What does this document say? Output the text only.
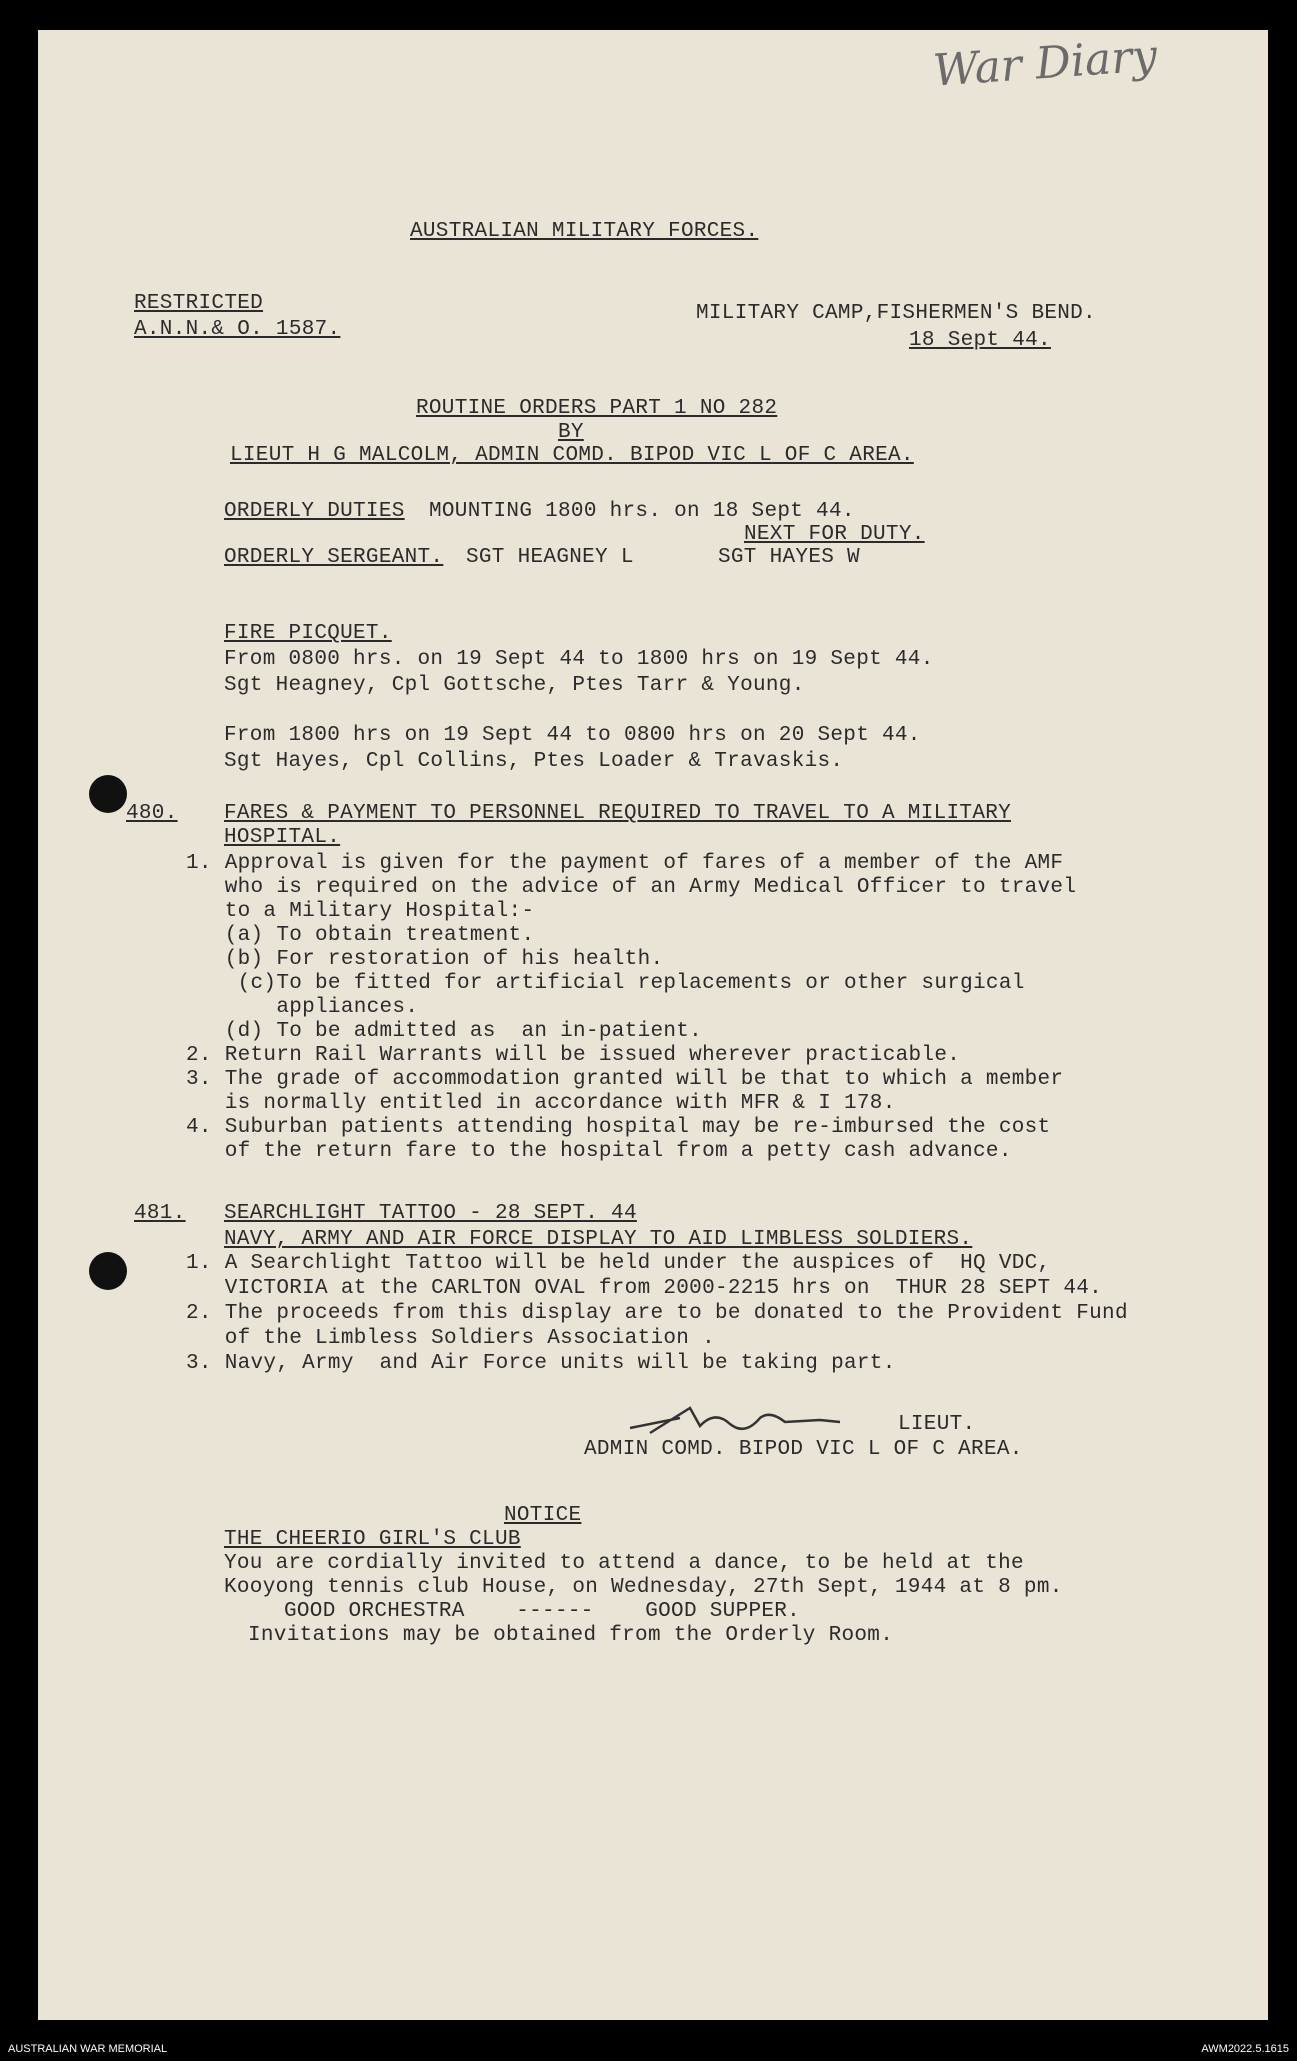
War Diary
AUSTRALIAN MILITARY FORCES.
RESTRICTED
A.N.N.& O. 1587.
MILITARY CAMP,FISHERMEN'S BEND.
18 Sept 44.
ROUTINE ORDERS PART 1 NO 282
BY
LIEUT H G MALCOLM, ADMIN COMD. BIPOD VIC L OF C AREA.
ORDERLY DUTIES MOUNTING 1800 hrs. on 18 Sept 44.
NEXT FOR DUTY.
ORDERLY SERGEANT. SGT HEAGNEY L	SGT HAYES W
FIRE PICQUET.
From 0800 hrs. on 19 Sept 44 to 1800 hrs on 19 Sept 44.
Sgt Heagney, Cpl Gottsche, Ptes Tarr & Young.
From 1800 hrs on 19 Sept 44 to 0800 hrs on 20 Sept 44.
Sgt Hayes, Cpl Collins, Ptes Loader & Travaskis.
480. FARES & PAYMENT TO PERSONNEL REQUIRED TO TRAVEL TO A MILITARY
HOSPITAL.
1. Approval is given for the payment of fares of a member of the AMF
who is required on the advice of an Army Medical Officer to travel
to a Military Hospital:-
(a) To obtain treatment.
(b) For restoration of his health.
(c)To be fitted for artificial replacements or other surgical
appliances.
(d) To be admitted as  an in-patient.
2. Return Rail Warrants will be issued wherever practicable.
3. The grade of accommodation granted will be that to which a member
is normally entitled in accordance with MFR & I 178.
4. Suburban patients attending hospital may be re-imbursed the cost
of the return fare to the hospital from a petty cash advance.
481. SEARCHLIGHT TATTOO - 28 SEPT. 44
NAVY, ARMY AND AIR FORCE DISPLAY TO AID LIMBLESS SOLDIERS.
1. A Searchlight Tattoo will be held under the auspices of  HQ VDC,
VICTORIA at the CARLTON OVAL from 2000-2215 hrs on  THUR 28 SEPT 44.
2. The proceeds from this display are to be donated to the Provident Fund
of the Limbless Soldiers Association .
3. Navy, Army  and Air Force units will be taking part.
LIEUT.
ADMIN COMD. BIPOD VIC L OF C AREA.
NOTICE
THE CHEERIO GIRL'S CLUB
You are cordially invited to attend a dance, to be held at the
Kooyong tennis club House, on Wednesday, 27th Sept, 1944 at 8 pm.
GOOD ORCHESTRA    ------    GOOD SUPPER.
Invitations may be obtained from the Orderly Room.
AUSTRALIAN WAR MEMORIAL	AWM2022.5.1615
